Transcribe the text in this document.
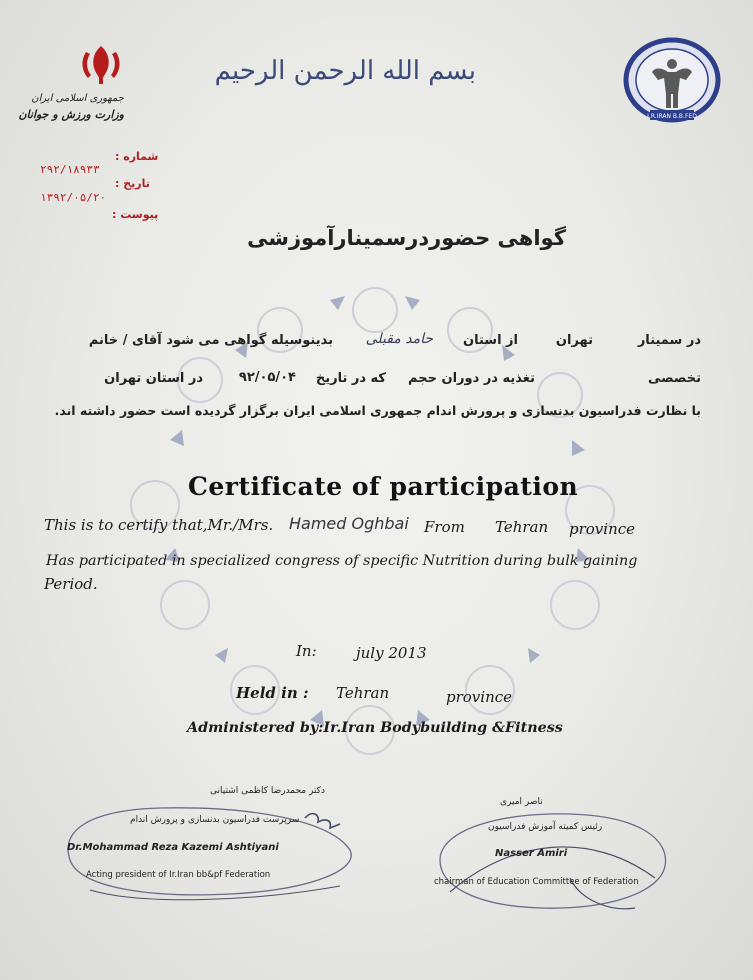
جمهوری اسلامی ایران

وزارت ورزش و جوانان

شماره :

۲۹۲/۱۸۹۳۳

تاریخ :

۱۳۹۲/۰۵/۲۰

پیوست :

بسم الله الرحمن الرحیم

I.R.IRAN B.B.FED

گواهی حضوردرسمینارآموزشی

در سمینار

تهران

از استان

حامد مقبلی

بدینوسیله گواهی می شود آقای / خانم

تخصصی

تغذیه در دوران حجم

که در تاریخ

۹۲/۰۵/۰۴

در استان تهران

با نظارت فدراسیون بدنسازی و پرورش اندام جمهوری اسلامی ایران برگزار گردیده است حضور داشته اند.

Certificate of participation

This is to certify that,Mr./Mrs. Hamed Oghbai From Tehran province

Has participated in specialized congress of specific Nutrition during bulk gaining

Period.

In:	july 2013

Held in : Tehran	province

Administered by:Ir.Iran Bodybuilding &Fitness

دکتر محمدرضا کاظمی اشتیانی

سرپرست فدراسیون بدنسازی و پرورش اندام

Dr.Mohammad Reza Kazemi Ashtiyani

Acting president of Ir.Iran bb&pf Federation

ناصر امیری

رئیس کمیته آموزش فدراسیون

Nasser Amiri

chairman of Education Committee of Federation
